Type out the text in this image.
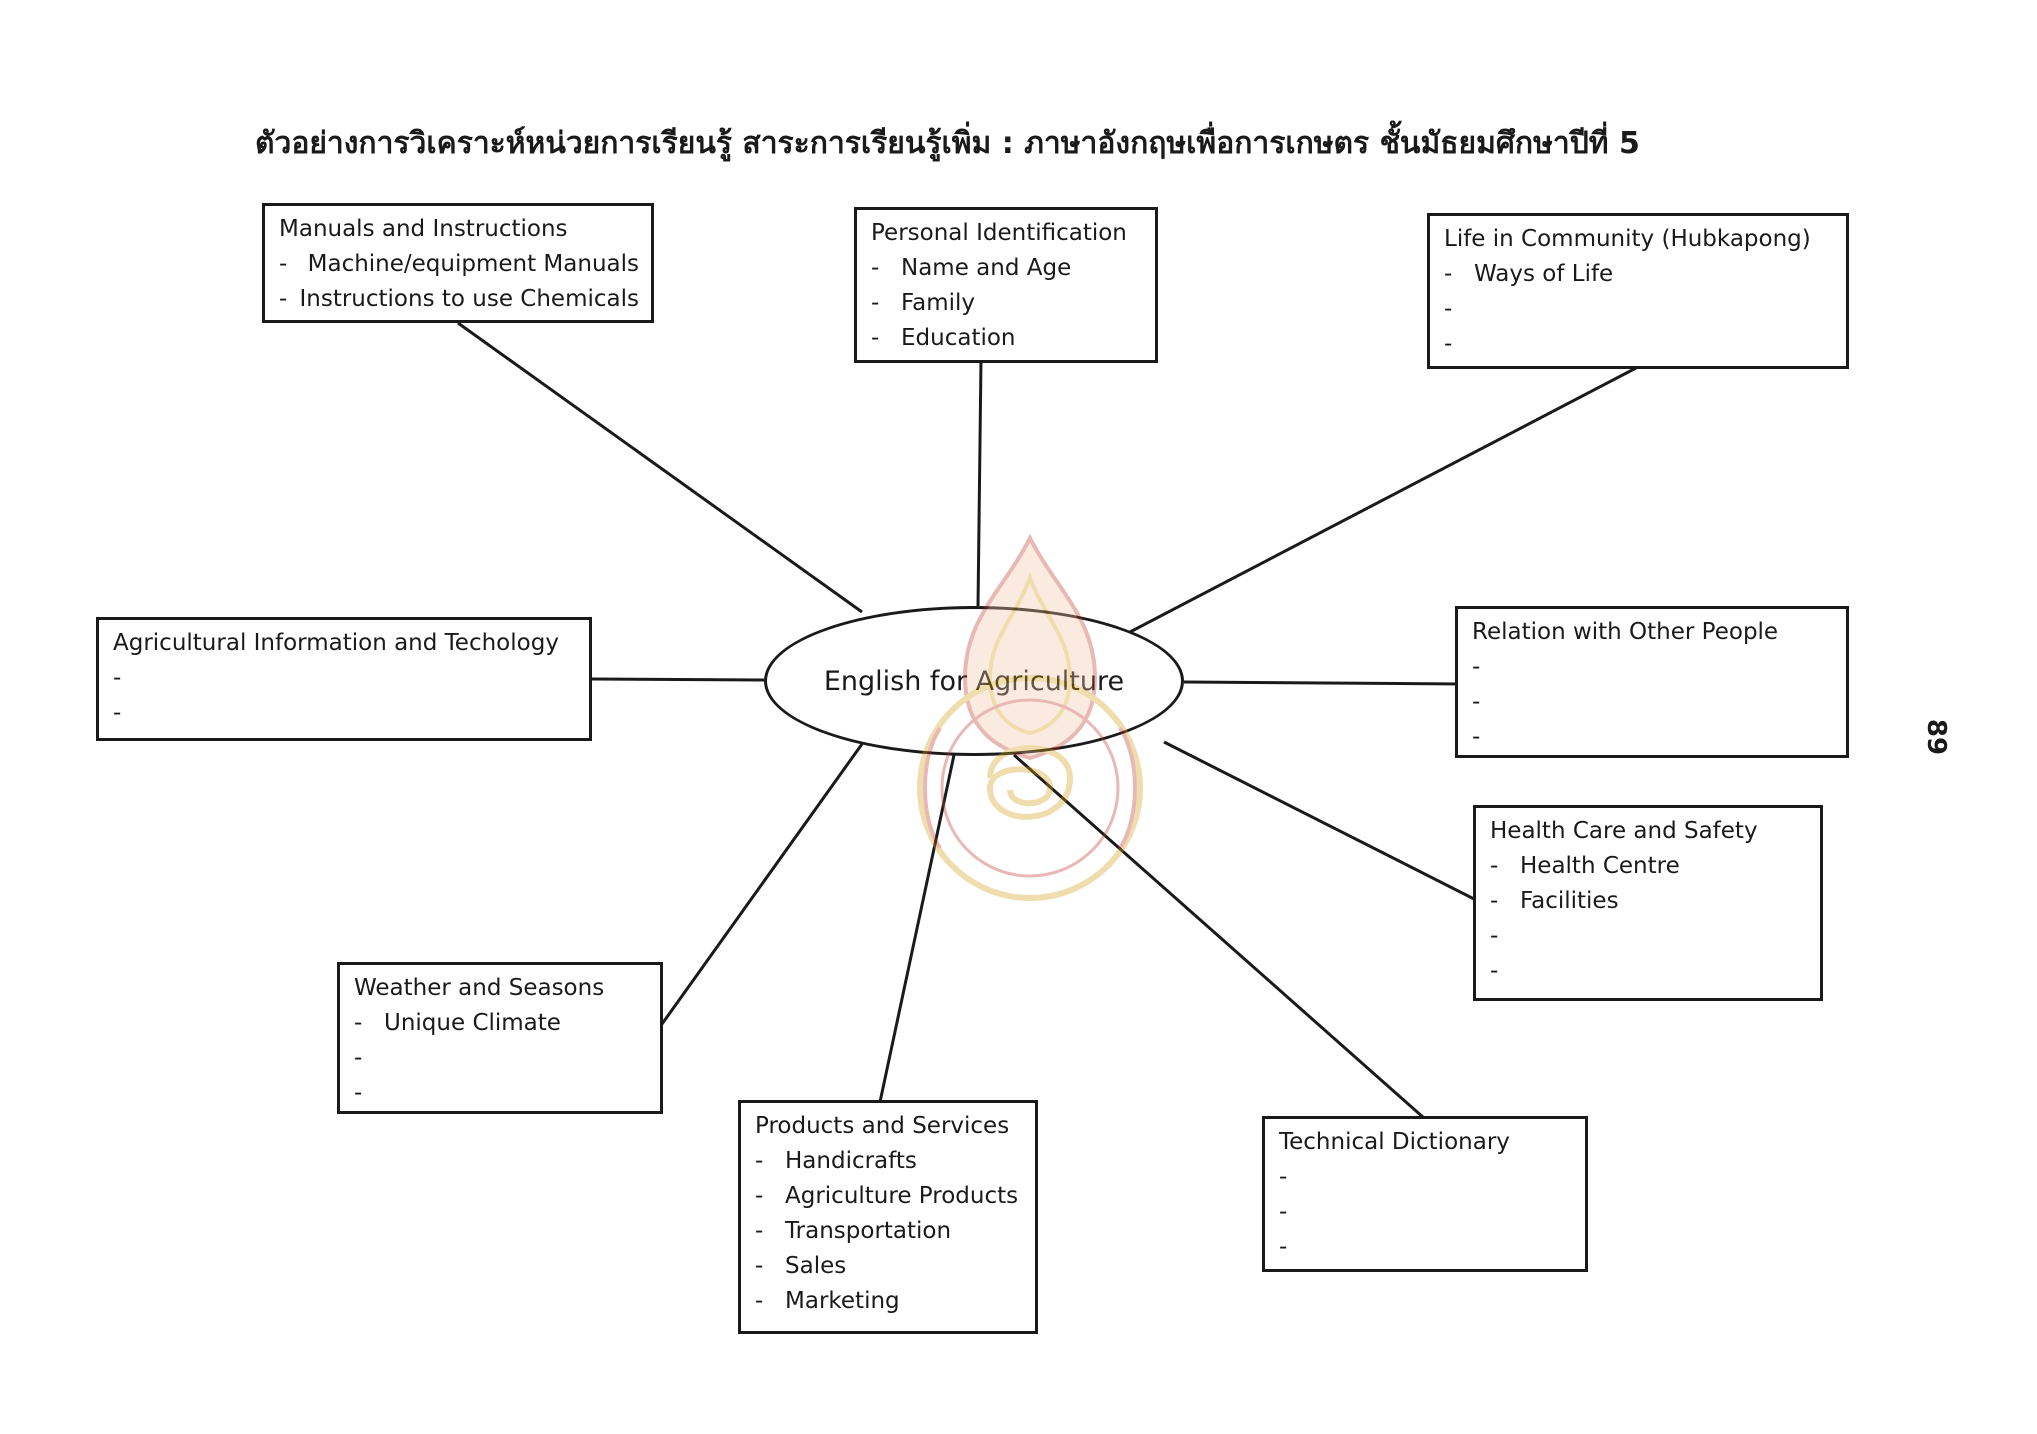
ตัวอย่างการวิเคราะห์หน่วยการเรียนรู้ สาระการเรียนรู้เพิ่ม : ภาษาอังกฤษเพื่อการเกษตร ชั้นมัธยมศึกษาปีที่ 5
Manuals and Instructions
- Machine/equipment Manuals
- Instructions to use Chemicals
Personal Identification
- Name and Age
- Family
- Education
Life in Community (Hubkapong)
- Ways of Life
-
-
Agricultural Information and Techology
-
-
Relation with Other People
-
-
-
Health Care and Safety
- Health Centre
- Facilities
-
-
Weather and Seasons
- Unique Climate
-
-
Products and Services
- Handicrafts
- Agriculture Products
- Transportation
- Sales
- Marketing
Technical Dictionary
-
-
-
English for Agriculture
89
